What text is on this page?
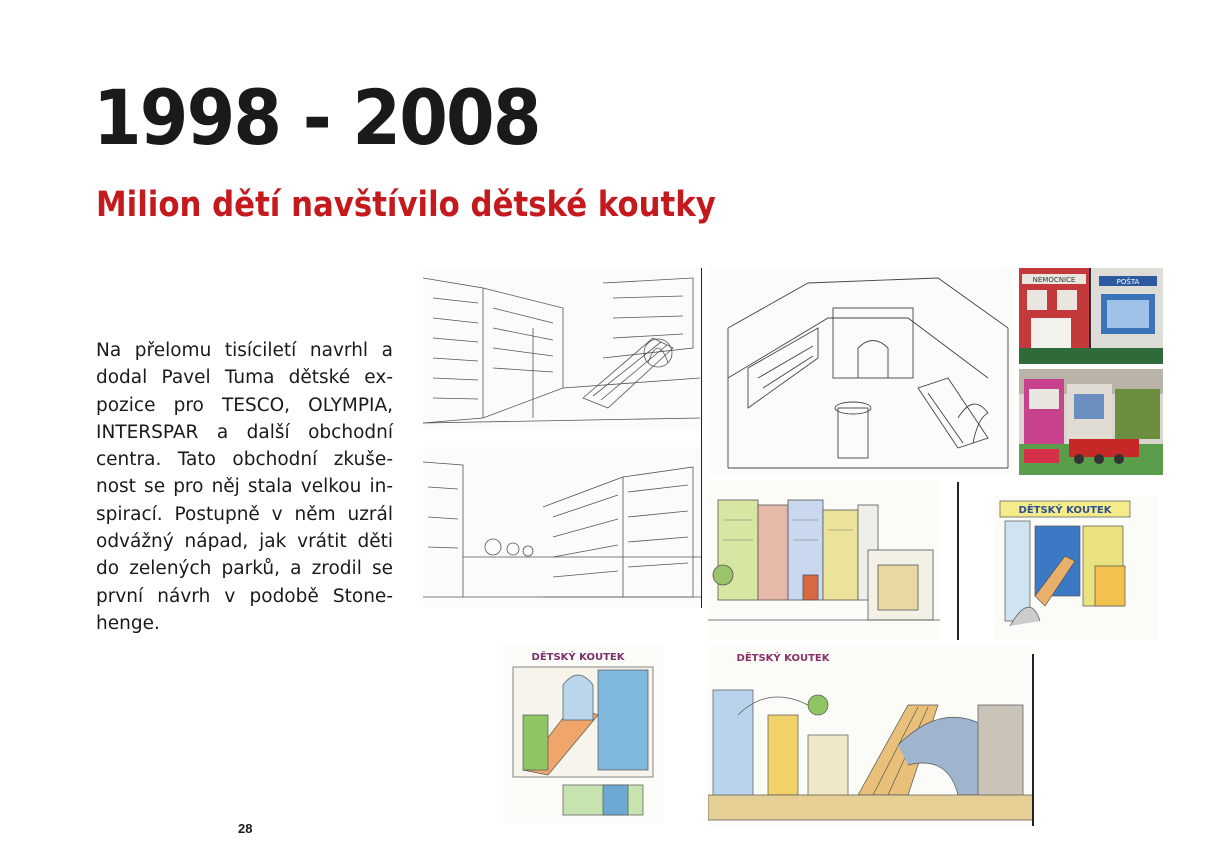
1998 - 2008
Milion dětí navštívilo dětské koutky

Na přelomu tisíciletí navrhl a dodal Pavel Tuma dětské expozice pro TESCO, OLYMPIA, INTERSPAR a další obchodní centra. Tato obchodní zkušenost se pro něj stala velkou inspirací. Postupně v něm uzrál odvážný nápad, jak vrátit děti do zelených parků, a zrodil se první návrh v podobě Stonehenge.

28
NEMOCNICE	POŠTA
DĚTSKÝ KOUTEK
DĚTSKÝ KOUTEK	DĚTSKÝ KOUTEK
